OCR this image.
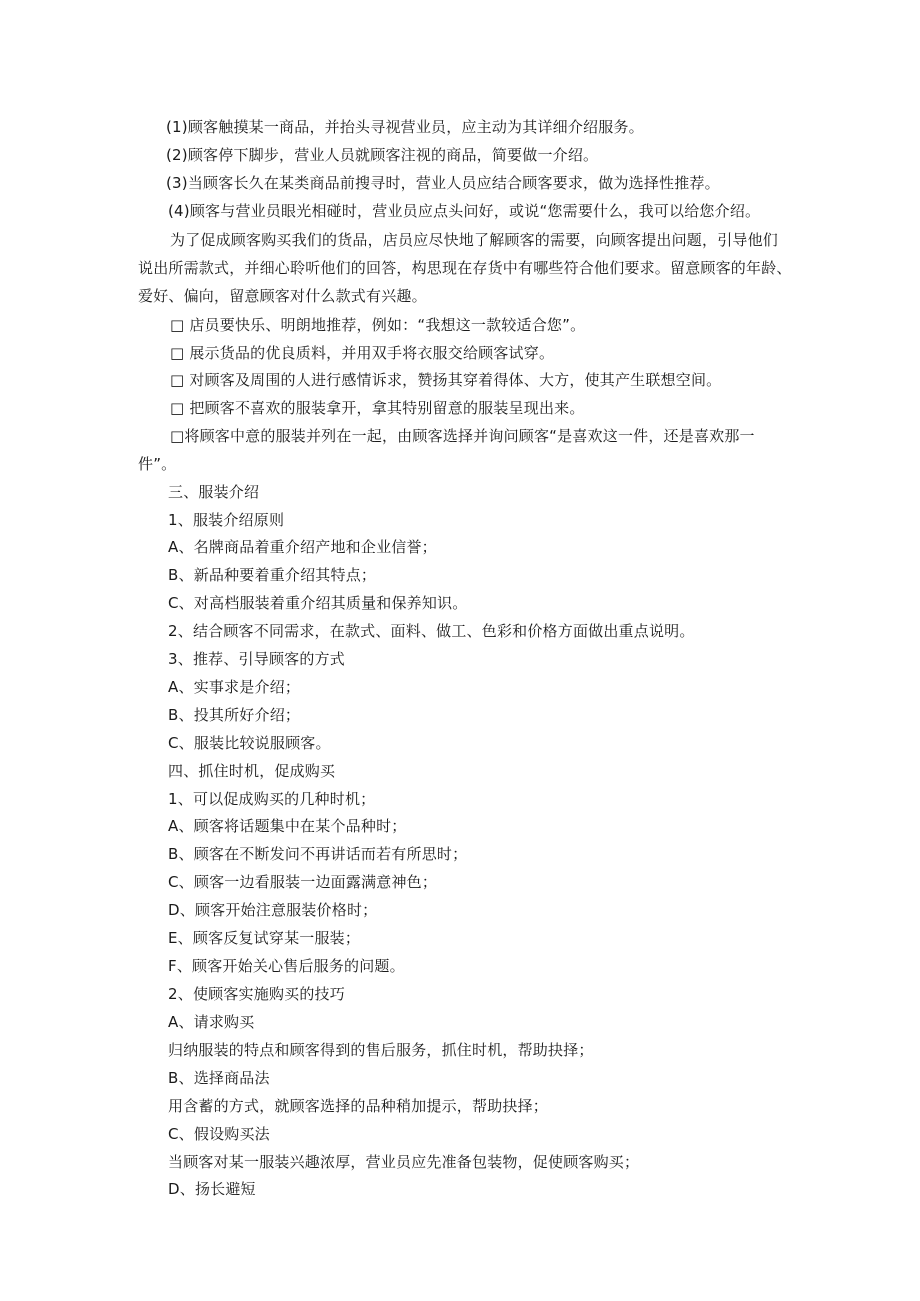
(1)顾客触摸某一商品，并抬头寻视营业员，应主动为其详细介绍服务。
(2)顾客停下脚步，营业人员就顾客注视的商品，简要做一介绍。
(3)当顾客长久在某类商品前搜寻时，营业人员应结合顾客要求，做为选择性推荐。
(4)顾客与营业员眼光相碰时，营业员应点头问好，或说“您需要什么，我可以给您介绍。
为了促成顾客购买我们的货品，店员应尽快地了解顾客的需要，向顾客提出问题，引导他们
说出所需款式，并细心聆听他们的回答，构思现在存货中有哪些符合他们要求。留意顾客的年龄、
爱好、偏向，留意顾客对什么款式有兴趣。
□ 店员要快乐、明朗地推荐，例如：“我想这一款较适合您”。
□ 展示货品的优良质料，并用双手将衣服交给顾客试穿。
□ 对顾客及周围的人进行感情诉求，赞扬其穿着得体、大方，使其产生联想空间。
□ 把顾客不喜欢的服装拿开，拿其特别留意的服装呈现出来。
□将顾客中意的服装并列在一起，由顾客选择并询问顾客“是喜欢这一件，还是喜欢那一
件”。
三、服装介绍
1、服装介绍原则
A、名牌商品着重介绍产地和企业信誉；
B、新品种要着重介绍其特点；
C、对高档服装着重介绍其质量和保养知识。
2、结合顾客不同需求，在款式、面料、做工、色彩和价格方面做出重点说明。
3、推荐、引导顾客的方式
A、实事求是介绍；
B、投其所好介绍；
C、服装比较说服顾客。
四、抓住时机，促成购买
1、可以促成购买的几种时机；
A、顾客将话题集中在某个品种时；
B、顾客在不断发问不再讲话而若有所思时；
C、顾客一边看服装一边面露满意神色；
D、顾客开始注意服装价格时；
E、顾客反复试穿某一服装；
F、顾客开始关心售后服务的问题。
2、使顾客实施购买的技巧
A、请求购买
归纳服装的特点和顾客得到的售后服务，抓住时机，帮助抉择；
B、选择商品法
用含蓄的方式，就顾客选择的品种稍加提示，帮助抉择；
C、假设购买法
当顾客对某一服装兴趣浓厚，营业员应先准备包装物，促使顾客购买；
D、扬长避短
